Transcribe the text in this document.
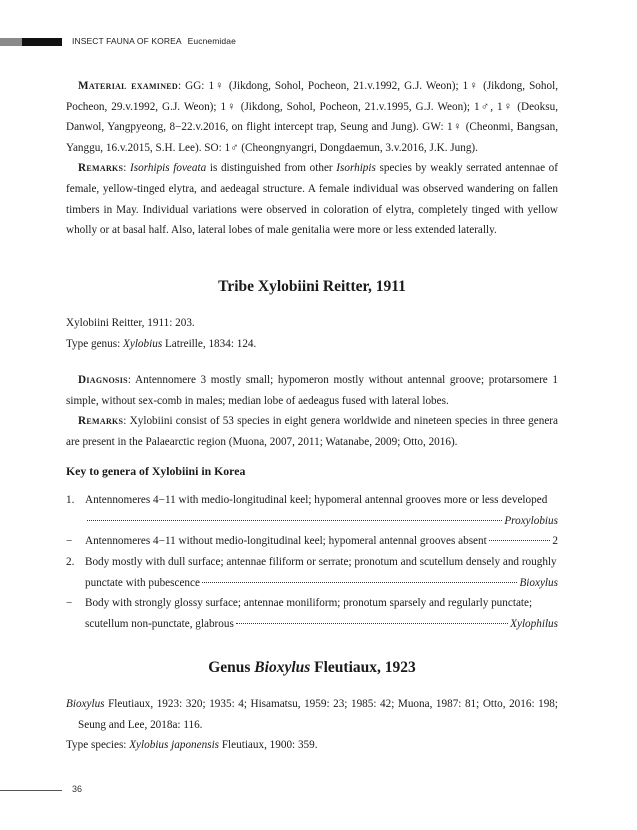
INSECT FAUNA OF KOREA Eucnemidae

Material examined: GG: 1♀ (Jikdong, Sohol, Pocheon, 21.v.1992, G.J. Weon); 1♀ (Jikdong, Sohol, Pocheon, 29.v.1992, G.J. Weon); 1♀ (Jikdong, Sohol, Pocheon, 21.v.1995, G.J. Weon); 1♂, 1♀ (Deoksu, Danwol, Yangpyeong, 8−22.v.2016, on flight intercept trap, Seung and Jung). GW: 1♀ (Cheonmi, Bangsan, Yanggu, 16.v.2015, S.H. Lee). SO: 1♂ (Cheongnyangri, Dongdaemun, 3.v.2016, J.K. Jung).

Remarks: Isorhipis foveata is distinguished from other Isorhipis species by weakly serrated antennae of female, yellow-tinged elytra, and aedeagal structure. A female individual was observed wandering on fallen timbers in May. Individual variations were observed in coloration of elytra, completely tinged with yellow wholly or at basal half. Also, lateral lobes of male genitalia were more or less extended laterally.

Tribe Xylobiini Reitter, 1911

Xylobiini Reitter, 1911: 203.

Type genus: Xylobius Latreille, 1834: 124.

Diagnosis: Antennomere 3 mostly small; hypomeron mostly without antennal groove; protarsomere 1 simple, without sex-comb in males; median lobe of aedeagus fused with lateral lobes.

Remarks: Xylobiini consist of 53 species in eight genera worldwide and nineteen species in three genera are present in the Palaearctic region (Muona, 2007, 2011; Watanabe, 2009; Otto, 2016).

Key to genera of Xylobiini in Korea
1. Antennomeres 4−11 with medio-longitudinal keel; hypomeral antennal grooves more or less developed
Proxylobius
−	Antennomeres 4−11 without medio-longitudinal keel; hypomeral antennal grooves absent	2
2. Body mostly with dull surface; antennae filiform or serrate; pronotum and scutellum densely and roughly
punctate with pubescence	Bioxylus
−	Body with strongly glossy surface; antennae moniliform; pronotum sparsely and regularly punctate;
scutellum non-punctate, glabrous	Xylophilus
Genus Bioxylus Fleutiaux, 1923

Bioxylus Fleutiaux, 1923: 320; 1935: 4; Hisamatsu, 1959: 23; 1985: 42; Muona, 1987: 81; Otto, 2016: 198; Seung and Lee, 2018a: 116.

Type species: Xylobius japonensis Fleutiaux, 1900: 359.

36
